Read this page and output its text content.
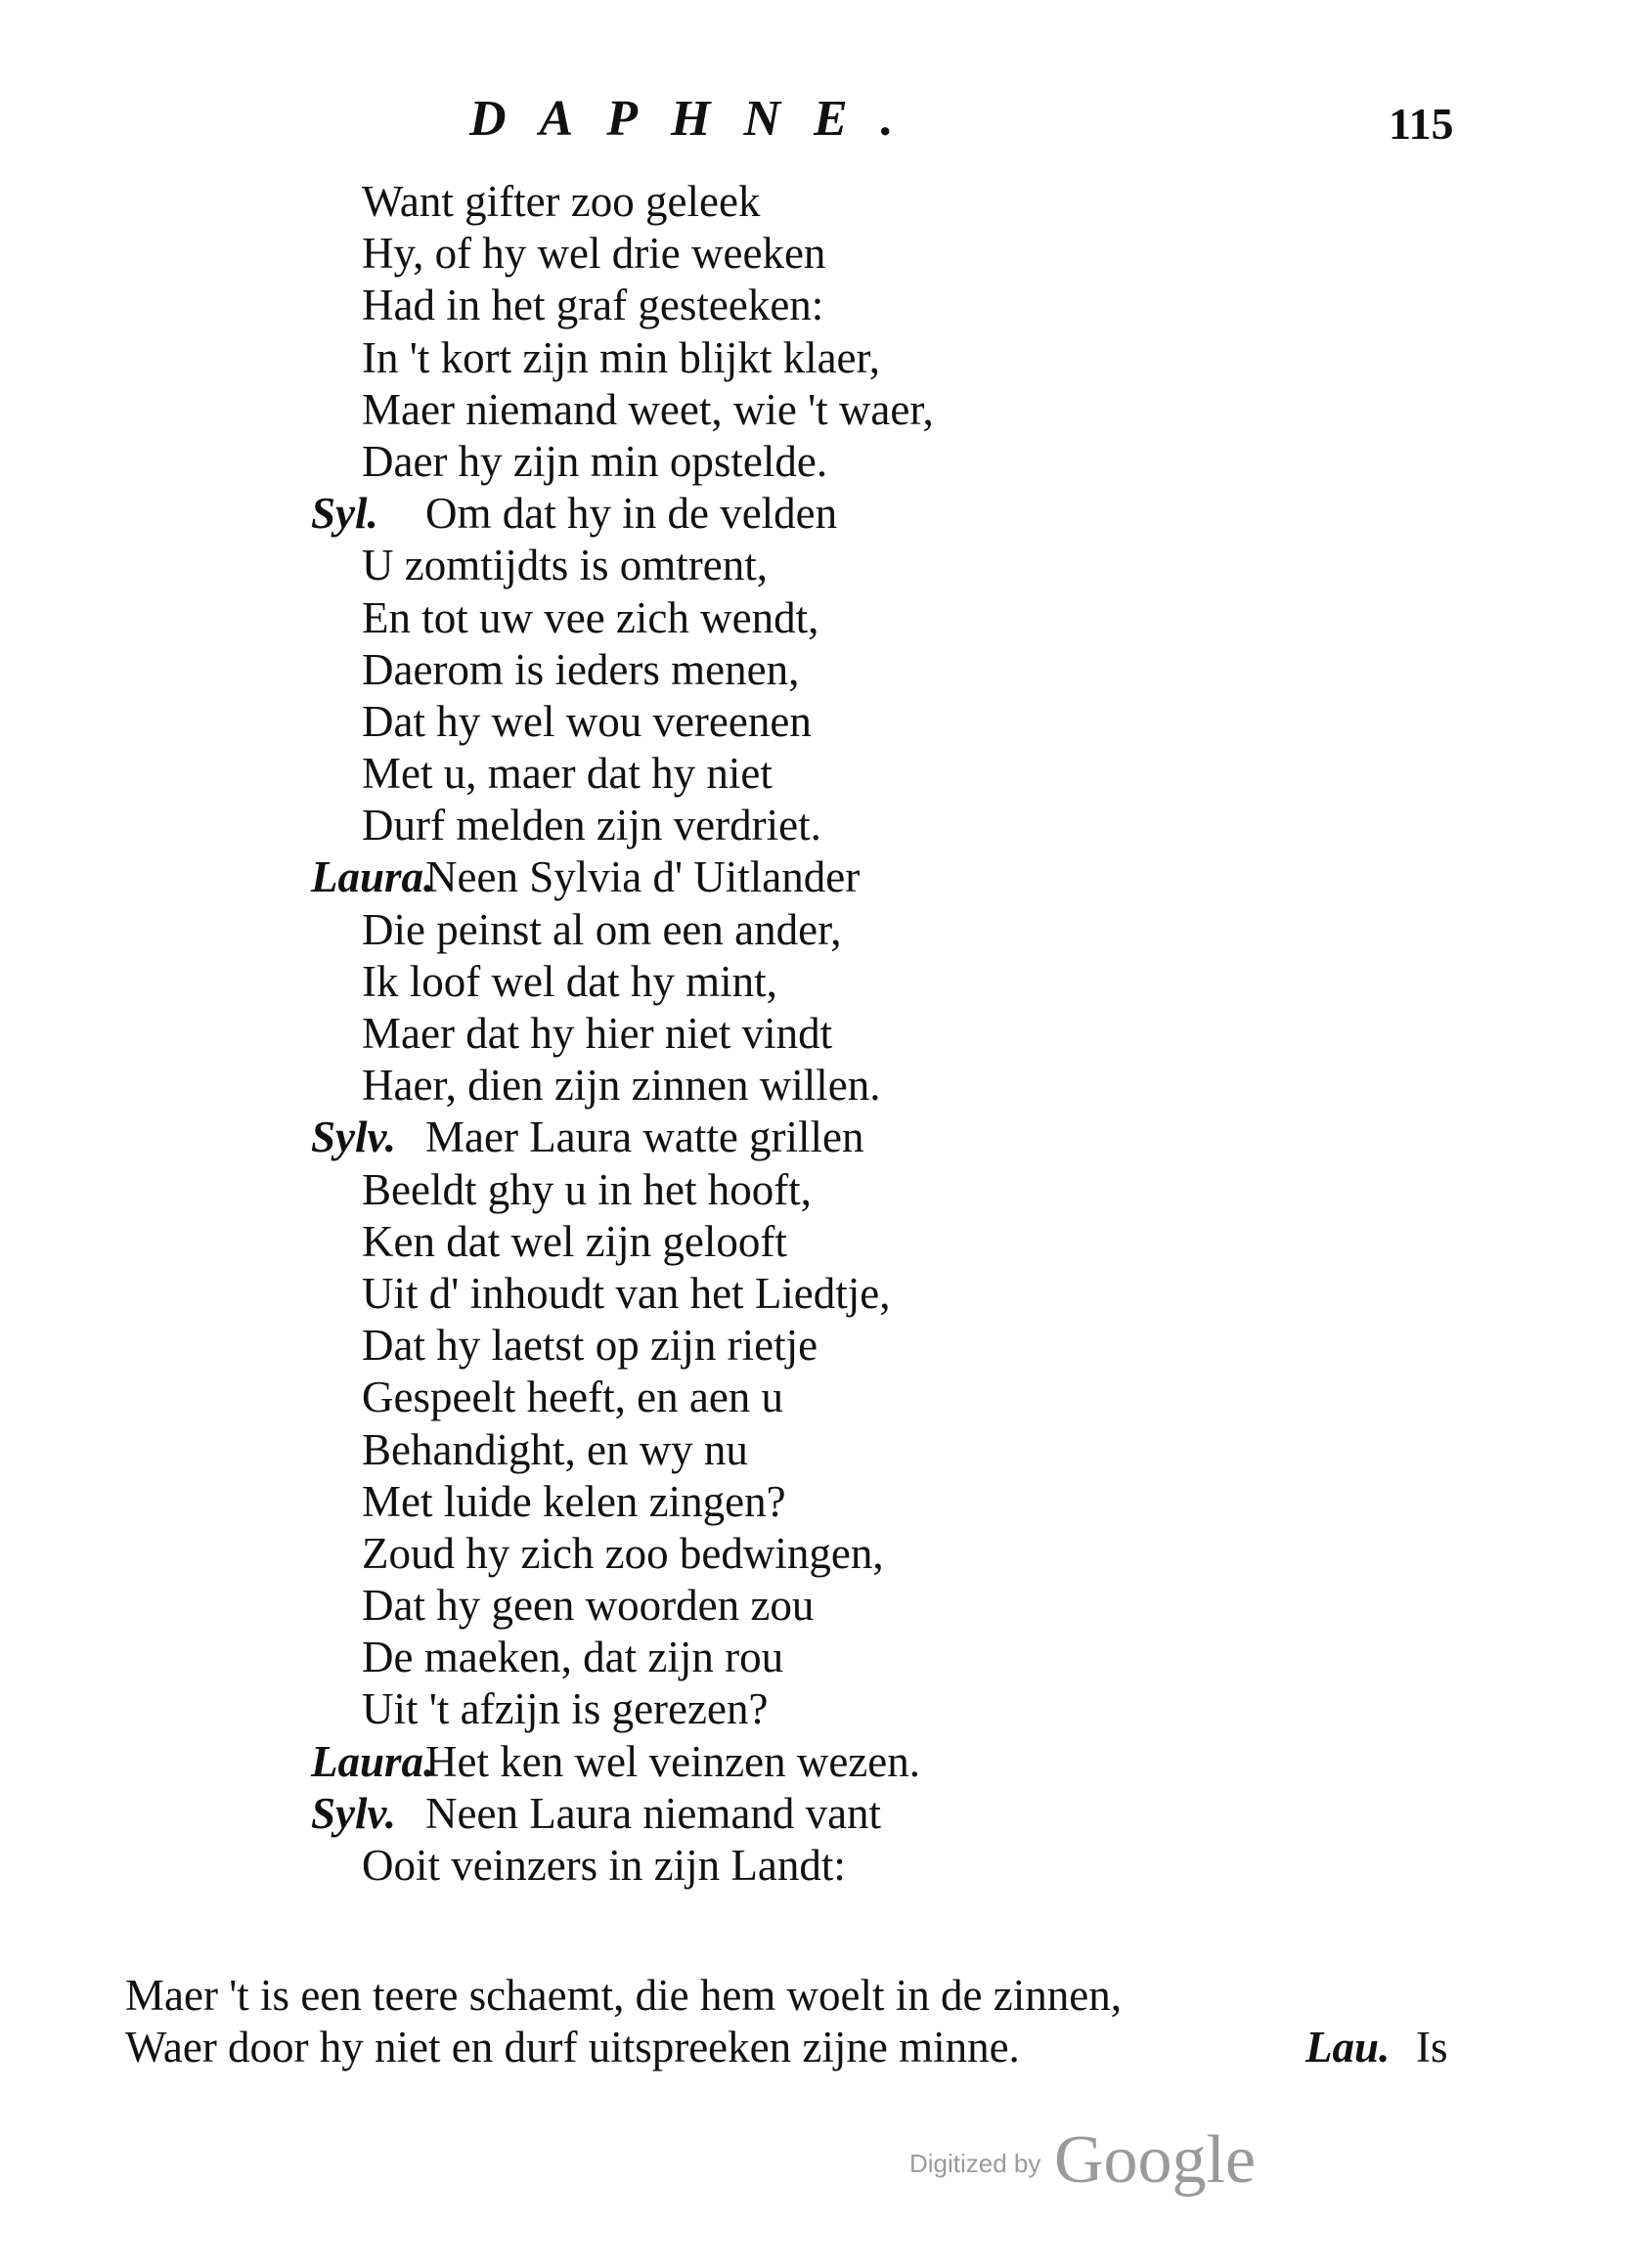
DAPHNE.	115
Want gifter zoo geleek
Hy, of hy wel drie weeken
Had in het graf gesteeken:
In 't kort zijn min blijkt klaer,
Maer niemand weet, wie 't waer,
Daer hy zijn min opstelde.
Syl. Om dat hy in de velden
U zomtijdts is omtrent,
En tot uw vee zich wendt,
Daerom is ieders menen,
Dat hy wel wou vereenen
Met u, maer dat hy niet
Durf melden zijn verdriet.
Laura.
Neen Sylvia d' Uitlander
Die peinst al om een ander,
Ik loof wel dat hy mint,
Maer dat hy hier niet vindt
Haer, dien zijn zinnen willen.
Sylv. Maer Laura watte grillen
Beeldt ghy u in het hooft,
Ken dat wel zijn gelooft
Uit d' inhoudt van het Liedtje,
Dat hy laetst op zijn rietje
Gespeelt heeft, en aen u
Behandight, en wy nu
Met luide kelen zingen?
Zoud hy zich zoo bedwingen,
Dat hy geen woorden zou
De maeken, dat zijn rou
Uit 't afzijn is gerezen?
Laura.
Het ken wel veinzen wezen.
Sylv. Neen Laura niemand vant
Ooit veinzers in zijn Landt:
Maer 't is een teere schaemt, die hem woelt in de zinnen,
Waer door hy niet en durf uitspreeken zijne minne.	Lau. Is
Digitized by Google
